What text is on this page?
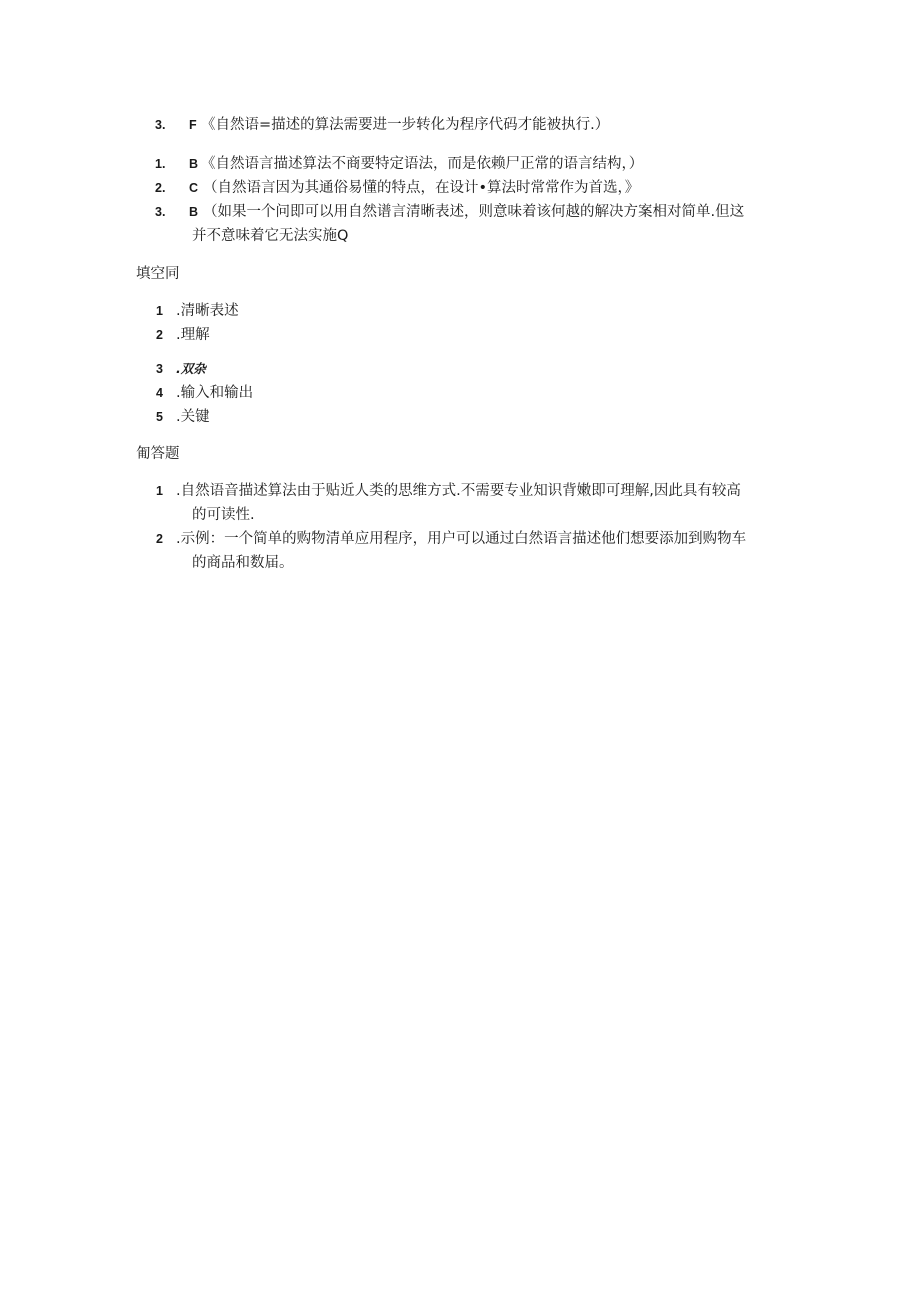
3. F 《自然语=描述的算法需要进一步转化为程序代码才能被执行.）
1. B 《自然语言描述算法不商要特定语法，而是依赖尸正常的语言结构，）
2. C （自然语言因为其通俗易懂的特点，在设计•算法时常常作为首选，》
3. B （如果一个问即可以用自然谱言清晰表述，则意味着该何越的解决方案相对简单.但这
并不意味着它无法实施Q
填空同
1 .清晰表述
2 .理解
3 .双杂
4 .输入和输出
5 .关键
匍答题
1 .自然语音描述算法由于贴近人类的思维方式.不需要专业知识背嫩即可理解,因此具有较高
的可读性.
2 .示例：一个简单的购物清单应用程序，用户可以通过白然语言描述他们想要添加到购物车
的商品和数届。
